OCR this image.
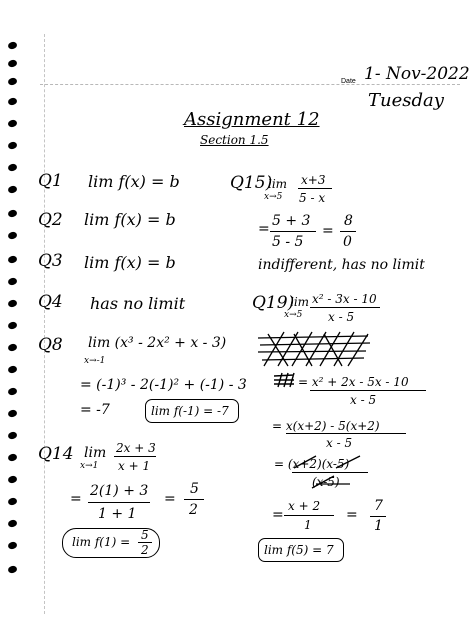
Date 1- Nov-2022
Tuesday
Assignment 12
Section 1.5
Q1 lim f(x) = b
Q2 lim f(x) = b
Q3 lim f(x) = b
Q4 has no limit
Q8 lim (x³ - 2x² + x - 3)
x→-1
= (-1)³ - 2(-1)² + (-1) - 3
= -7	lim f(-1) = -7
Q14 lim
x→1
2x + 3
x + 1
= 2(1) + 3
1 + 1
=
5
2
lim f(1) = 5
2
Q15)
lim
x→5
x+3
5 - x
= 5 + 3
5 - 5
=
8
0
indifferent, has no limit
Q19)
lim
x→5
x² - 3x - 10
x - 5
= x² + 2x - 5x - 10
x - 5
= x(x+2) - 5(x+2)
x - 5
= (x+2)(x-5)
(x-5)
=
x + 2
1
=
7
1
lim f(5) = 7
